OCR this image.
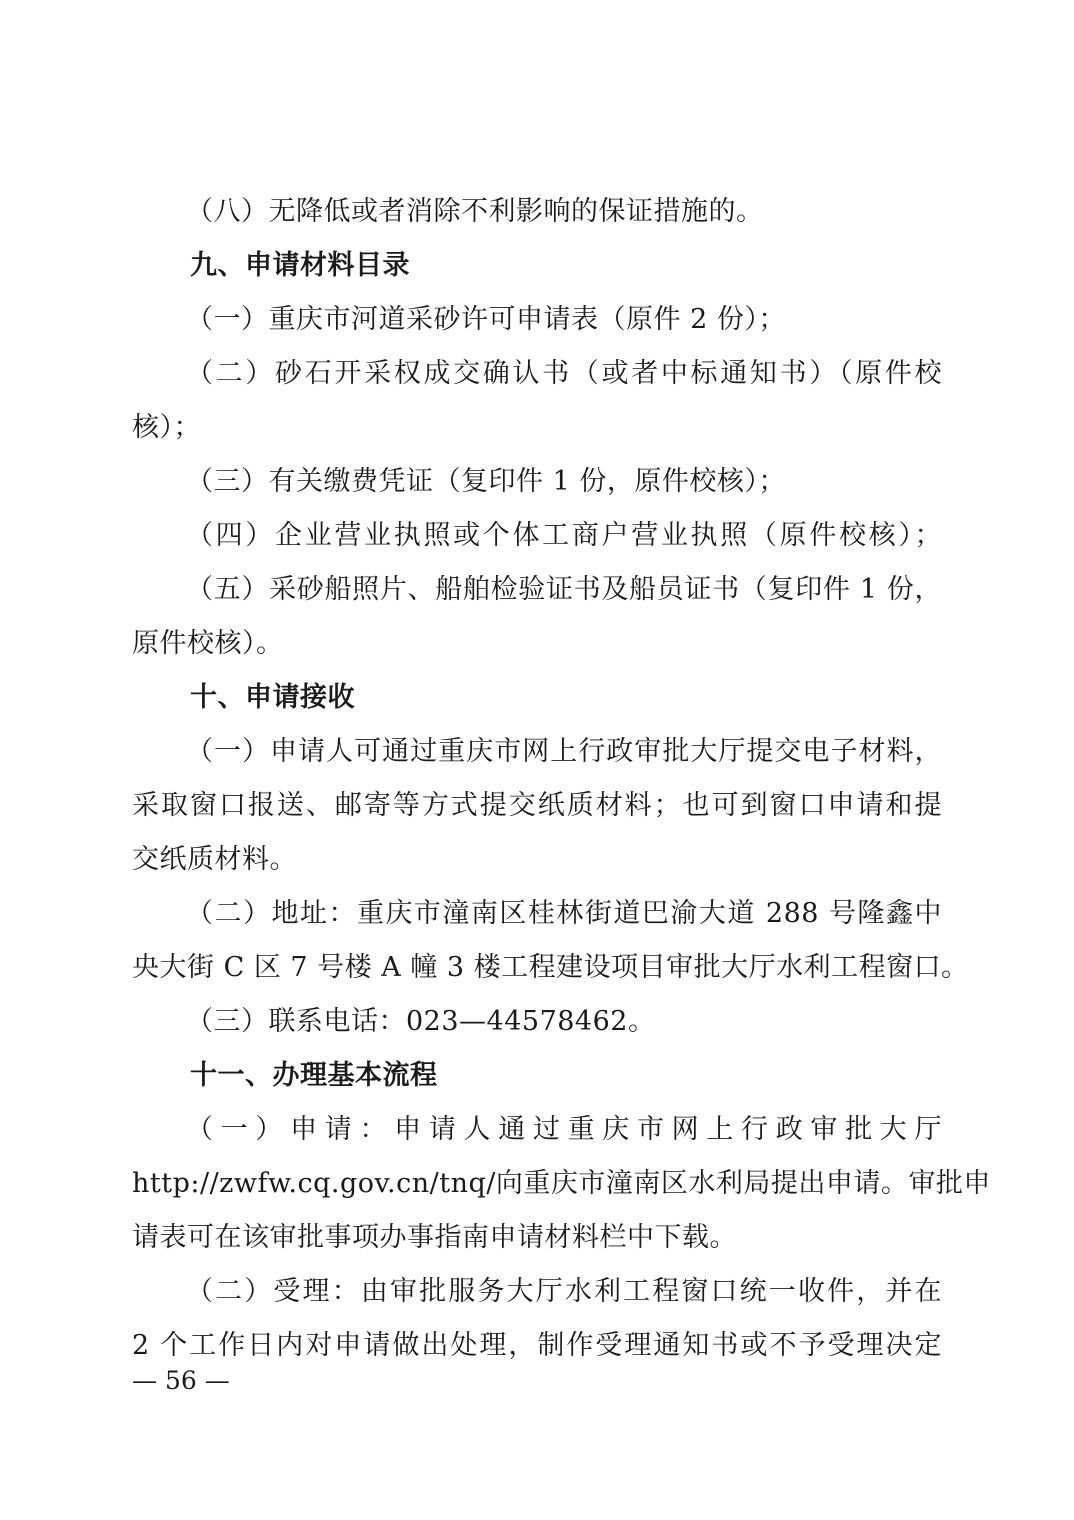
（八）无降低或者消除不利影响的保证措施的。
九、申请材料目录
（一）重庆市河道采砂许可申请表（原件 2 份）；
（二）砂石开采权成交确认书（或者中标通知书）（原件校
核）；
（三）有关缴费凭证（复印件 1 份，原件校核）；
（四）企业营业执照或个体工商户营业执照（原件校核）；
（五）采砂船照片、船舶检验证书及船员证书（复印件 1 份，
原件校核）。
十、申请接收
（一）申请人可通过重庆市网上行政审批大厅提交电子材料，
采取窗口报送、邮寄等方式提交纸质材料；也可到窗口申请和提
交纸质材料。
（二）地址：重庆市潼南区桂林街道巴渝大道 288 号隆鑫中
央大街 C 区 7 号楼 A 幢 3 楼工程建设项目审批大厅水利工程窗口。
（三）联系电话：023—44578462。
十一、办理基本流程
（一）申请：申请人通过重庆市网上行政审批大厅
http://zwfw.cq.gov.cn/tnq/向重庆市潼南区水利局提出申请。审批申
请表可在该审批事项办事指南申请材料栏中下载。
（二）受理：由审批服务大厅水利工程窗口统一收件，并在
2 个工作日内对申请做出处理，制作受理通知书或不予受理决定
— 56 —
